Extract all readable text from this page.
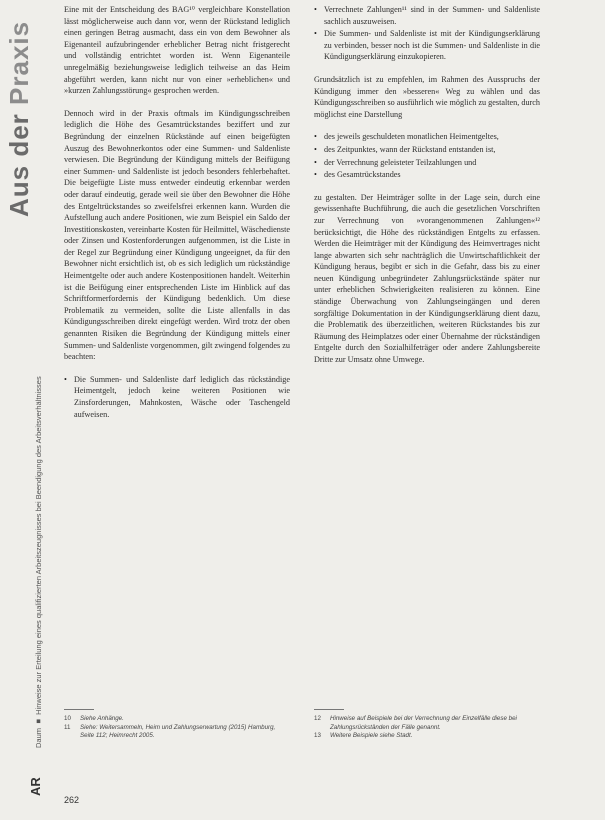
Aus der Praxis
Daum ■ Hinweise zur Erteilung eines qualifizierten Arbeitszeugnisses bei Beendigung des Arbeitsverhältnisses
AR

Eine mit der Entscheidung des BAG¹⁰ vergleichbare Konstellation lässt möglicherweise auch dann vor, wenn der Rückstand lediglich einen geringen Betrag ausmacht, dass ein von dem Bewohner als Eigenanteil aufzubringender erheblicher Betrag nicht fristgerecht und vollständig entrichtet worden ist. Wenn Eigenanteile unregelmäßig beziehungsweise lediglich teilweise an das Heim abgeführt werden, kann nicht nur von einer »erheblichen« und »kurzen Zahlungsstörung« gesprochen werden.

Dennoch wird in der Praxis oftmals im Kündigungsschreiben lediglich die Höhe des Gesamtrückstandes beziffert und zur Begründung der einzelnen Rückstände auf einen beigefügten Auszug des Bewohnerkontos oder eine Summen- und Saldenliste verwiesen. Die Begründung der Kündigung mittels der Beifügung einer Summen- und Saldenliste ist jedoch besonders fehlerbehaftet. Die beigefügte Liste muss entweder eindeutig erkennbar werden oder darauf eindeutig, gerade weil sie über den Bewohner die Höhe des Entgeltrückstandes so zweifelsfrei erkennen kann. Wurden die Aufstellung auch andere Positionen, wie zum Beispiel ein Saldo der Investitionskosten, vereinbarte Kosten für Heilmittel, Wäschedienste oder Zinsen und Kostenforderungen aufgenommen, ist die Liste in der Regel zur Begründung einer Kündigung ungeeignet, da für den Bewohner nicht ersichtlich ist, ob es sich lediglich um rückständige Heimentgelte oder auch andere Kostenpositionen handelt. Weiterhin ist die Beifügung einer entsprechenden Liste im Hinblick auf das Schriftformerfordernis der Kündigung bedenklich. Um diese Problematik zu vermeiden, sollte die Liste allenfalls in das Kündigungsschreiben direkt eingefügt werden. Wird trotz der oben genannten Risiken die Begründung der Kündigung mittels einer Summen- und Saldenliste vorgenommen, gilt zwingend folgendes zu beachten:

• Die Summen- und Saldenliste darf lediglich das rückständige Heimentgelt, jedoch keine weiteren Positionen wie Zinsforderungen, Mahnkosten, Wäsche oder Taschengeld aufweisen.
• Verrechnete Zahlungen¹¹ sind in der Summen- und Saldenliste sachlich auszuweisen.
• Die Summen- und Saldenliste ist mit der Kündigungserklärung zu verbinden, besser noch ist die Summen- und Saldenliste in die Kündigungserklärung einzukopieren.

Grundsätzlich ist zu empfehlen, im Rahmen des Ausspruchs der Kündigung immer den »besseren« Weg zu wählen und das Kündigungsschreiben so ausführlich wie möglich zu gestalten, durch möglichst eine Darstellung

• des jeweils geschuldeten monatlichen Heimentgeltes,
• des Zeitpunktes, wann der Rückstand entstanden ist,
• der Verrechnung geleisteter Teilzahlungen und
• des Gesamtrückstandes

zu gestalten. Der Heimträger sollte in der Lage sein, durch eine gewissenhafte Buchführung, die auch die gesetzlichen Vorschriften zur Verrechnung von »vorangenommenen Zahlungen«¹² berücksichtigt, die Höhe des rückständigen Entgelts zu erfassen. Werden die Heimträger mit der Kündigung des Heimvertrages nicht lange abwarten sich sehr nachträglich die Unwirtschaftlichkeit der Kündigung heraus, begibt er sich in die Gefahr, dass bis zu einer neuen Kündigung unbegründeter Zahlungsrückstände später nur unter erheblichen Schwierigkeiten realisieren zu können. Eine ständige Überwachung von Zahlungseingängen und deren sorgfältige Dokumentation in der Kündigungserklärung dient dazu, die Problematik des überzeitlichen, weiteren Rückstandes bis zur Räumung des Heimplatzes oder einer Übernahme der rückständigen Entgelte durch den Sozialhilfeträger oder andere Zahlungsbereite Dritte zur Umsatz ohne Umwege.

10	Siehe Anhänge.
11	Siehe: Weitersammeln, Heim und Zahlungserwartung (2015) Hamburg, Seite 112; Heimrecht 2005.
12	Hinweise auf Beispiele bei der Verrechnung der Einzelfälle diese bei Zahlungsrückständen der Fälle genannt.
13	Weitere Beispiele siehe Stadt.
262
